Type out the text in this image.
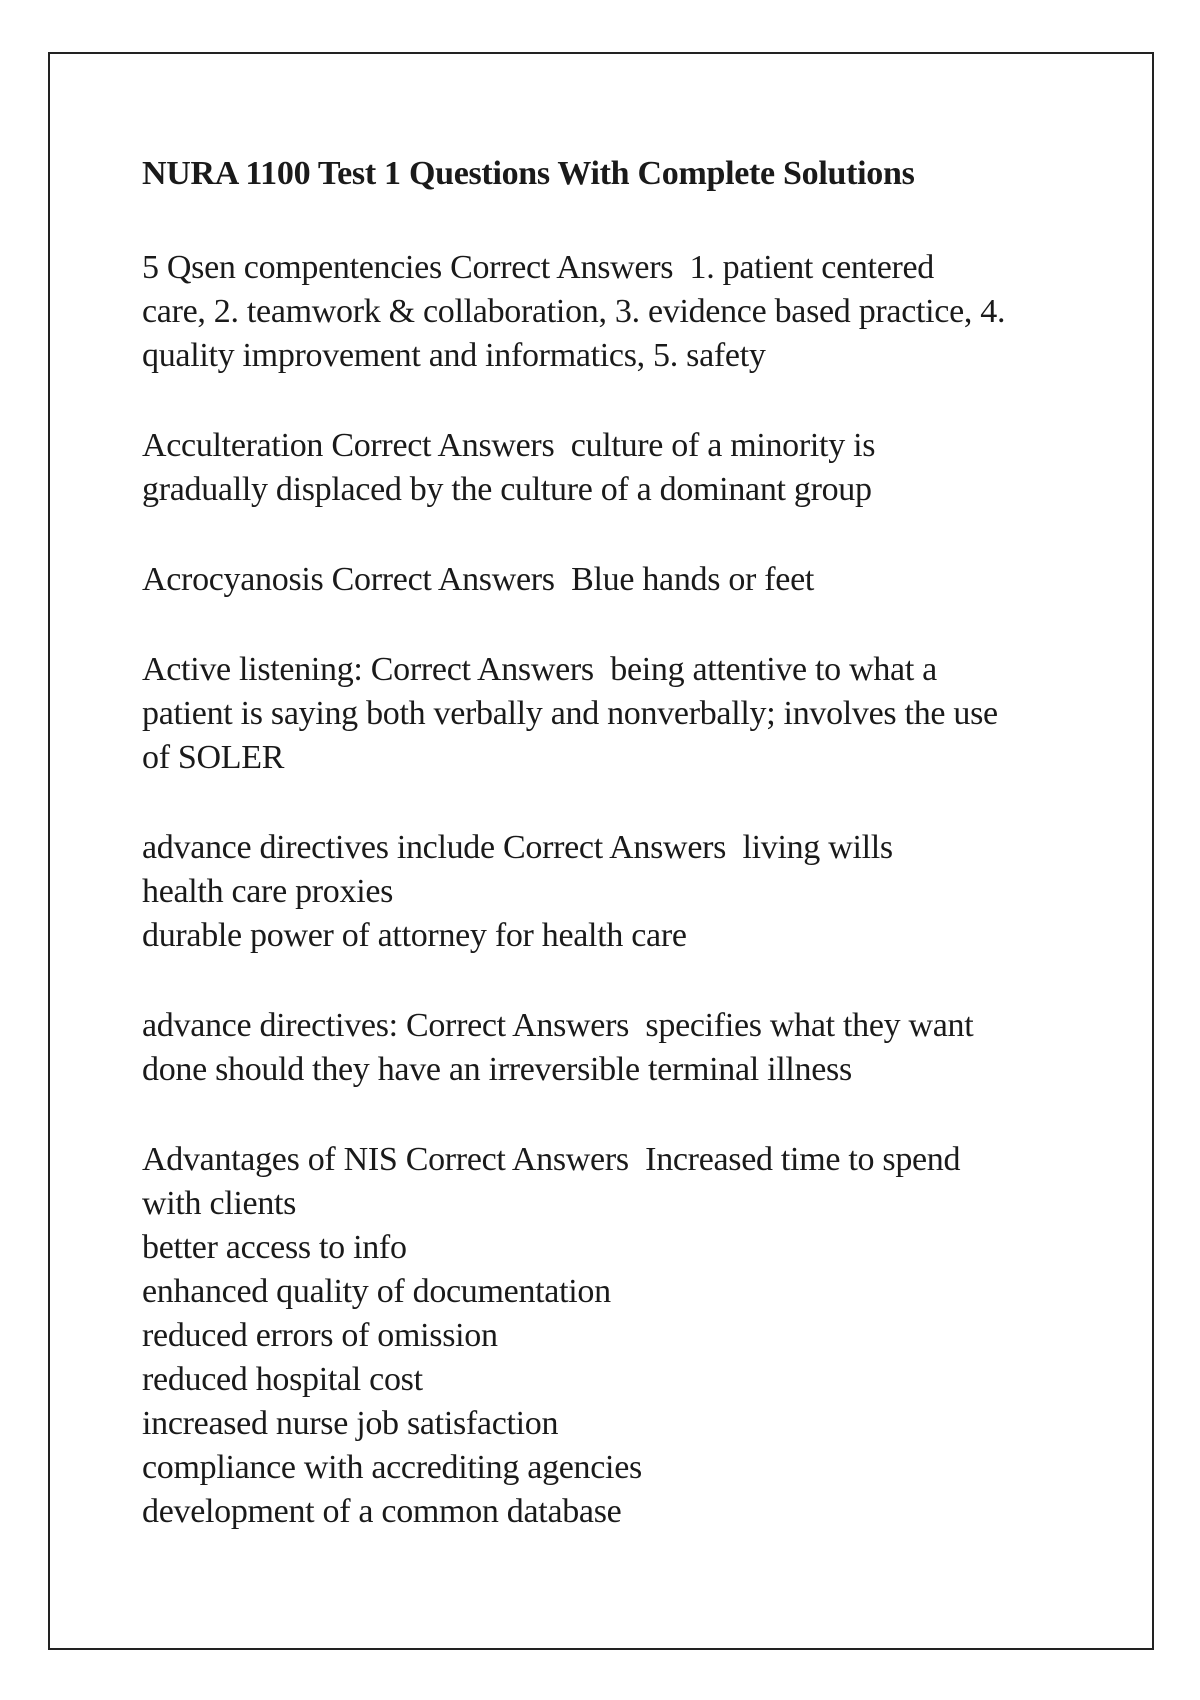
NURA 1100 Test 1 Questions With Complete Solutions
5 Qsen compentencies Correct Answers  1. patient centered
care, 2. teamwork & collaboration, 3. evidence based practice, 4.
quality improvement and informatics, 5. safety
Acculteration Correct Answers  culture of a minority is
gradually displaced by the culture of a dominant group
Acrocyanosis Correct Answers  Blue hands or feet
Active listening: Correct Answers  being attentive to what a
patient is saying both verbally and nonverbally; involves the use
of SOLER
advance directives include Correct Answers  living wills
health care proxies
durable power of attorney for health care
advance directives: Correct Answers  specifies what they want
done should they have an irreversible terminal illness
Advantages of NIS Correct Answers  Increased time to spend
with clients
better access to info
enhanced quality of documentation
reduced errors of omission
reduced hospital cost
increased nurse job satisfaction
compliance with accrediting agencies
development of a common database
